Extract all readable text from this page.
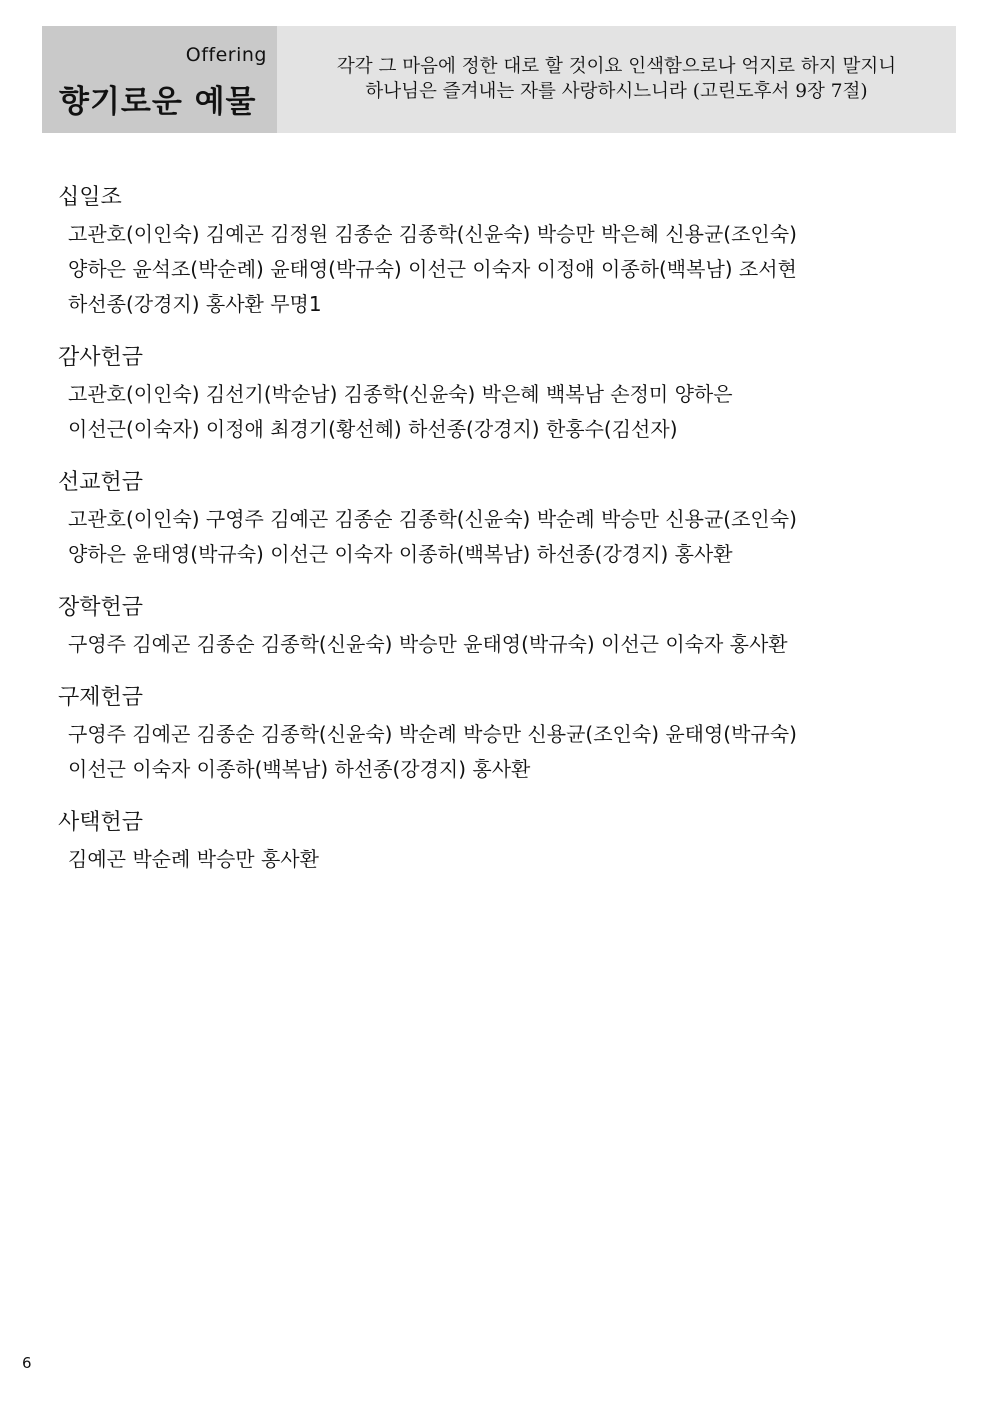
Offering
향기로운 예물
각각 그 마음에 정한 대로 할 것이요 인색함으로나 억지로 하지 말지니
하나님은 즐겨내는 자를 사랑하시느니라 (고린도후서 9장 7절)
십일조
고관호(이인숙) 김예곤 김정원 김종순 김종학(신윤숙) 박승만 박은혜 신용균(조인숙)
양하은 윤석조(박순례) 윤태영(박규숙) 이선근 이숙자 이정애 이종하(백복남) 조서현
하선종(강경지) 홍사환 무명1
감사헌금
고관호(이인숙) 김선기(박순남) 김종학(신윤숙) 박은혜 백복남 손정미 양하은
이선근(이숙자) 이정애 최경기(황선혜) 하선종(강경지) 한홍수(김선자)
선교헌금
고관호(이인숙) 구영주 김예곤 김종순 김종학(신윤숙) 박순례 박승만 신용균(조인숙)
양하은 윤태영(박규숙) 이선근 이숙자 이종하(백복남) 하선종(강경지) 홍사환
장학헌금
구영주 김예곤 김종순 김종학(신윤숙) 박승만 윤태영(박규숙) 이선근 이숙자 홍사환
구제헌금
구영주 김예곤 김종순 김종학(신윤숙) 박순례 박승만 신용균(조인숙) 윤태영(박규숙)
이선근 이숙자 이종하(백복남) 하선종(강경지) 홍사환
사택헌금
김예곤 박순례 박승만 홍사환
6
